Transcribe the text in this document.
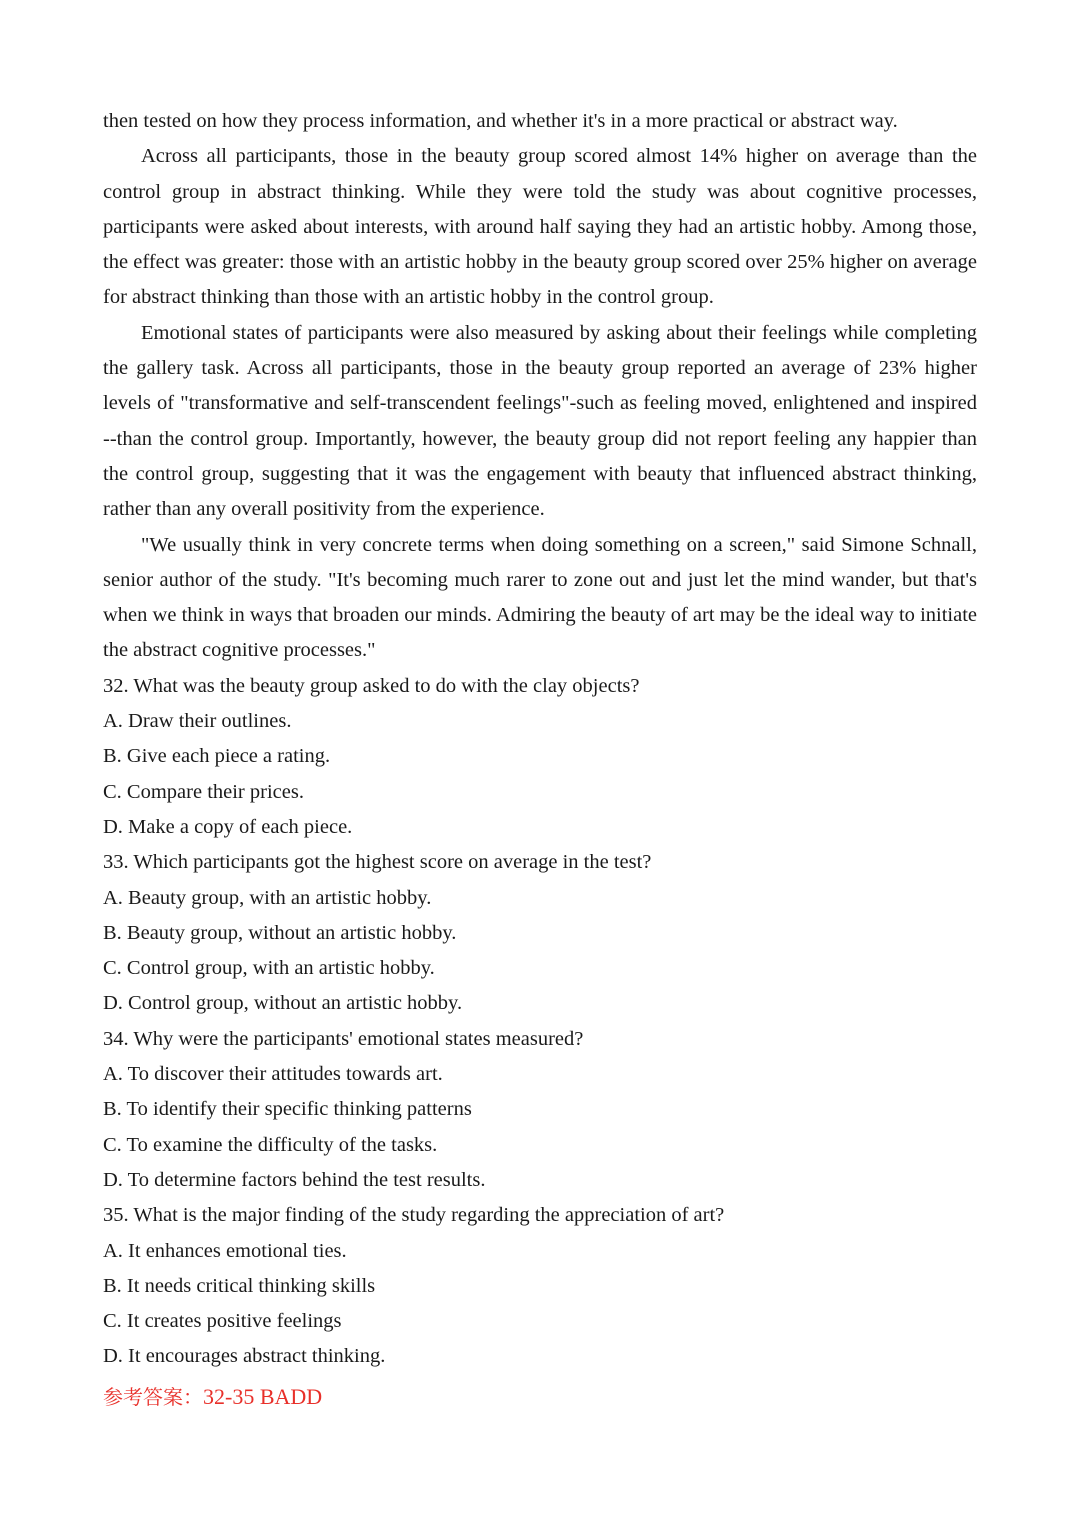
then tested on how they process information, and whether it's in a more practical or abstract way.

Across all participants, those in the beauty group scored almost 14% higher on average than the control group in abstract thinking. While they were told the study was about cognitive processes, participants were asked about interests, with around half saying they had an artistic hobby. Among those, the effect was greater: those with an artistic hobby in the beauty group scored over 25% higher on average for abstract thinking than those with an artistic hobby in the control group.

Emotional states of participants were also measured by asking about their feelings while completing the gallery task. Across all participants, those in the beauty group reported an average of 23% higher levels of "transformative and self-transcendent feelings"-such as feeling moved, enlightened and inspired --than the control group. Importantly, however, the beauty group did not report feeling any happier than the control group, suggesting that it was the engagement with beauty that influenced abstract thinking, rather than any overall positivity from the experience.

"We usually think in very concrete terms when doing something on a screen," said Simone Schnall, senior author of the study. "It's becoming much rarer to zone out and just let the mind wander, but that's when we think in ways that broaden our minds. Admiring the beauty of art may be the ideal way to initiate the abstract cognitive processes."

32. What was the beauty group asked to do with the clay objects?

A. Draw their outlines.

B. Give each piece a rating.

C. Compare their prices.

D. Make a copy of each piece.

33. Which participants got the highest score on average in the test?

A. Beauty group, with an artistic hobby.

B. Beauty group, without an artistic hobby.

C. Control group, with an artistic hobby.

D. Control group, without an artistic hobby.

34. Why were the participants' emotional states measured?

A. To discover their attitudes towards art.

B. To identify their specific thinking patterns

C. To examine the difficulty of the tasks.

D. To determine factors behind the test results.

35. What is the major finding of the study regarding the appreciation of art?

A. It enhances emotional ties.

B. It needs critical thinking skills

C. It creates positive feelings

D. It encourages abstract thinking.

参考答案：32-35 BADD
